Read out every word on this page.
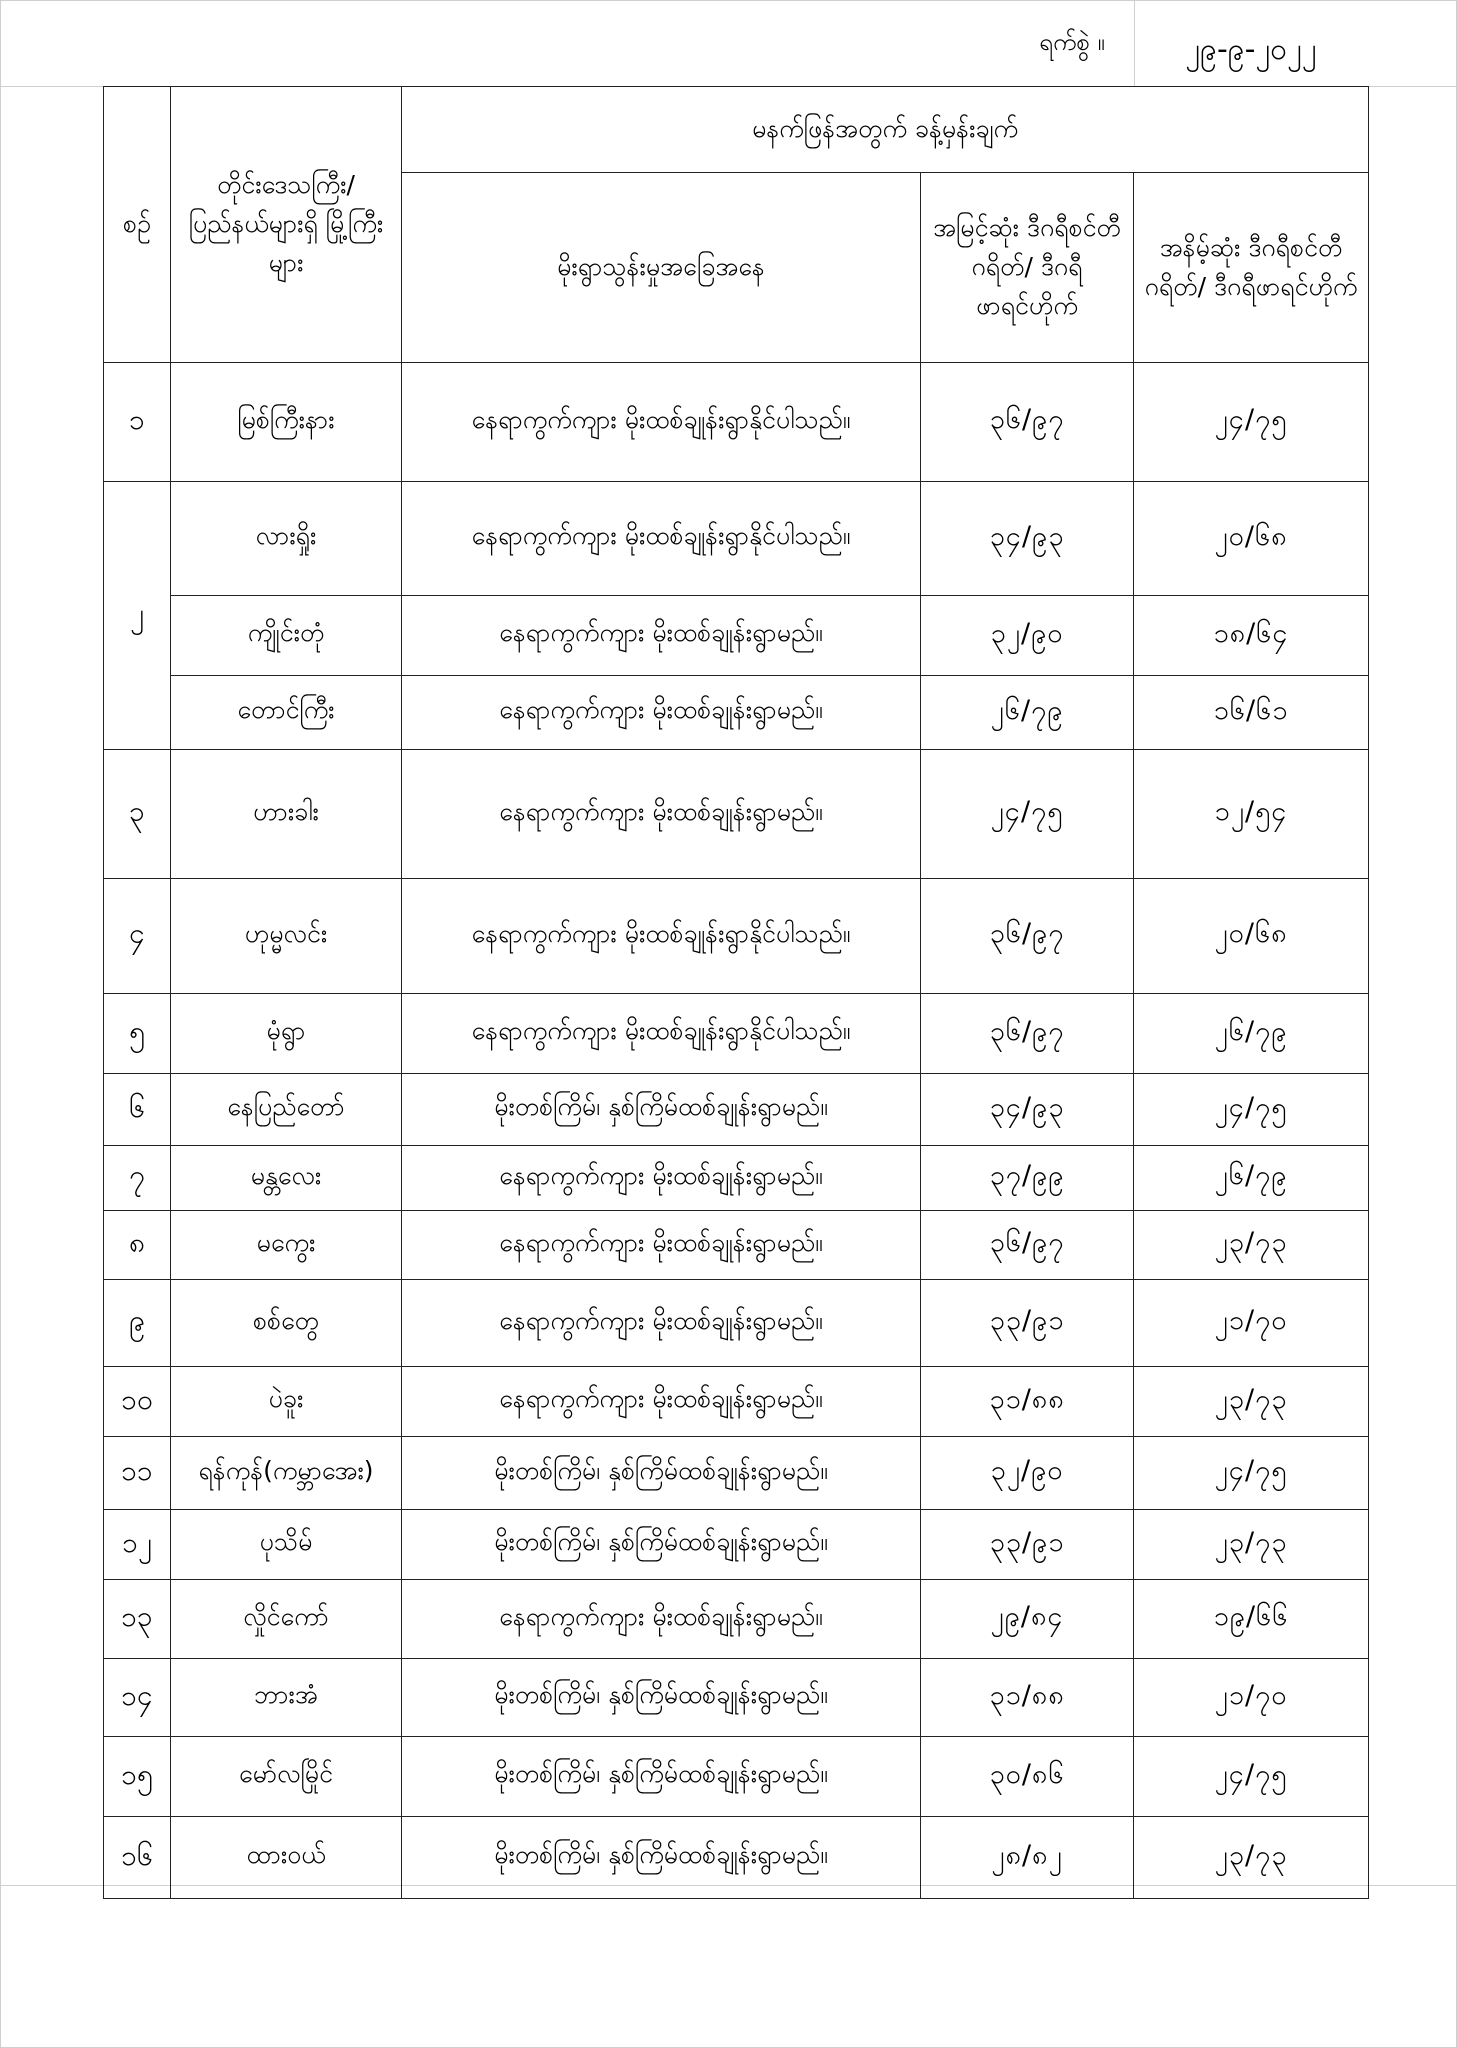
ရက်စွဲ ။	၂၉-၉-၂၀၂၂
စဉ်	တိုင်းဒေသကြီး/ ပြည်နယ်များရှိ မြို့ကြီးများ	မနက်ဖြန်အတွက် ခန့်မှန်းချက်		
		မိုးရွာသွန်းမှုအခြေအနေ	အမြင့်ဆုံး ဒီဂရီစင်တီဂရိတ်/ ဒီဂရီဖာရင်ဟိုက်	အနိမ့်ဆုံး ဒီဂရီစင်တီဂရိတ်/ ဒီဂရီဖာရင်ဟိုက်
၁	မြစ်ကြီးနား	နေရာကွက်ကျား မိုးထစ်ချုန်းရွာနိုင်ပါသည်။	၃၆/၉၇	၂၄/၇၅
၂	လားရှိုး	နေရာကွက်ကျား မိုးထစ်ချုန်းရွာနိုင်ပါသည်။	၃၄/၉၃	၂၀/၆၈
	ကျိုင်းတုံ	နေရာကွက်ကျား မိုးထစ်ချုန်းရွာမည်။	၃၂/၉၀	၁၈/၆၄
	တောင်ကြီး	နေရာကွက်ကျား မိုးထစ်ချုန်းရွာမည်။	၂၆/၇၉	၁၆/၆၁
၃	ဟားခါး	နေရာကွက်ကျား မိုးထစ်ချုန်းရွာမည်။	၂၄/၇၅	၁၂/၅၄
၄	ဟုမ္မလင်း	နေရာကွက်ကျား မိုးထစ်ချုန်းရွာနိုင်ပါသည်။	၃၆/၉၇	၂၀/၆၈
၅	မုံရွာ	နေရာကွက်ကျား မိုးထစ်ချုန်းရွာနိုင်ပါသည်။	၃၆/၉၇	၂၆/၇၉
၆	နေပြည်တော်	မိုးတစ်ကြိမ်၊ နှစ်ကြိမ်ထစ်ချုန်းရွာမည်။	၃၄/၉၃	၂၄/၇၅
၇	မန္တလေး	နေရာကွက်ကျား မိုးထစ်ချုန်းရွာမည်။	၃၇/၉၉	၂၆/၇၉
၈	မကွေး	နေရာကွက်ကျား မိုးထစ်ချုန်းရွာမည်။	၃၆/၉၇	၂၃/၇၃
၉	စစ်တွေ	နေရာကွက်ကျား မိုးထစ်ချုန်းရွာမည်။	၃၃/၉၁	၂၁/၇၀
၁၀	ပဲခူး	နေရာကွက်ကျား မိုးထစ်ချုန်းရွာမည်။	၃၁/၈၈	၂၃/၇၃
၁၁	ရန်ကုန်(ကမ္ဘာအေး)	မိုးတစ်ကြိမ်၊ နှစ်ကြိမ်ထစ်ချုန်းရွာမည်။	၃၂/၉၀	၂၄/၇၅
၁၂	ပုသိမ်	မိုးတစ်ကြိမ်၊ နှစ်ကြိမ်ထစ်ချုန်းရွာမည်။	၃၃/၉၁	၂၃/၇၃
၁၃	လှိုင်ကော်	နေရာကွက်ကျား မိုးထစ်ချုန်းရွာမည်။	၂၉/၈၄	၁၉/၆၆
၁၄	ဘားအံ	မိုးတစ်ကြိမ်၊ နှစ်ကြိမ်ထစ်ချုန်းရွာမည်။	၃၁/၈၈	၂၁/၇၀
၁၅	မော်လမြိုင်	မိုးတစ်ကြိမ်၊ နှစ်ကြိမ်ထစ်ချုန်းရွာမည်။	၃၀/၈၆	၂၄/၇၅
၁၆	ထားဝယ်	မိုးတစ်ကြိမ်၊ နှစ်ကြိမ်ထစ်ချုန်းရွာမည်။	၂၈/၈၂	၂၃/၇၃
